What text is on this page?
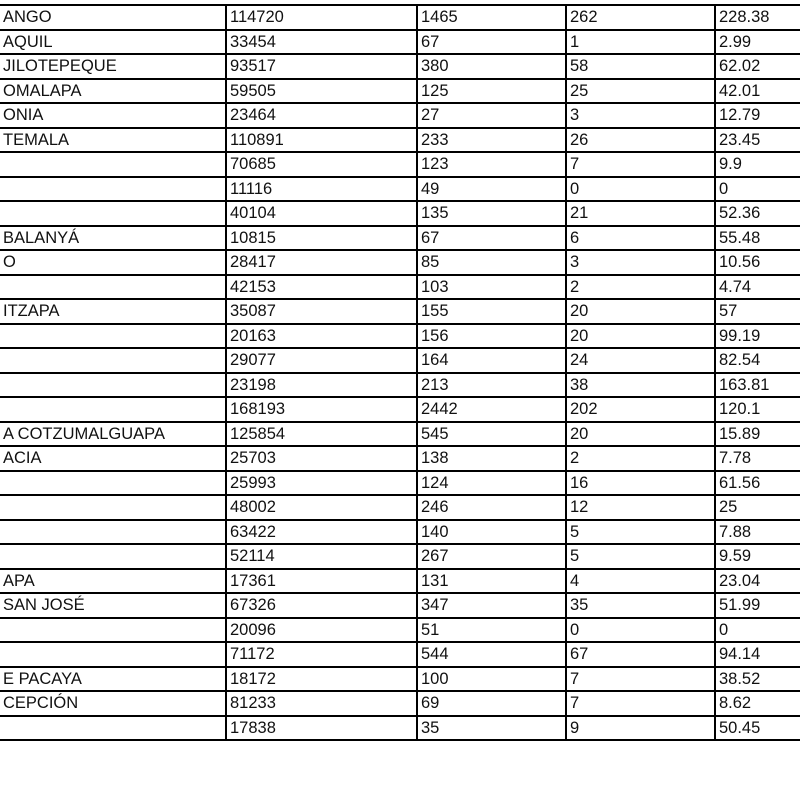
ANGO	114720	1465	262	228.38
AQUIL	33454	67	1	2.99
JILOTEPEQUE	93517	380	58	62.02
OMALAPA	59505	125	25	42.01
ONIA	23464	27	3	12.79
TEMALA	110891	233	26	23.45
	70685	123	7	9.9
	11116	49	0	0
	40104	135	21	52.36
BALANYÁ	10815	67	6	55.48
O	28417	85	3	10.56
	42153	103	2	4.74
ITZAPA	35087	155	20	57
	20163	156	20	99.19
	29077	164	24	82.54
	23198	213	38	163.81
	168193	2442	202	120.1
A COTZUMALGUAPA	125854	545	20	15.89
ACIA	25703	138	2	7.78
	25993	124	16	61.56
	48002	246	12	25
	63422	140	5	7.88
	52114	267	5	9.59
APA	17361	131	4	23.04
SAN JOSÉ	67326	347	35	51.99
	20096	51	0	0
	71172	544	67	94.14
E PACAYA	18172	100	7	38.52
CEPCIÓN	81233	69	7	8.62
	17838	35	9	50.45
